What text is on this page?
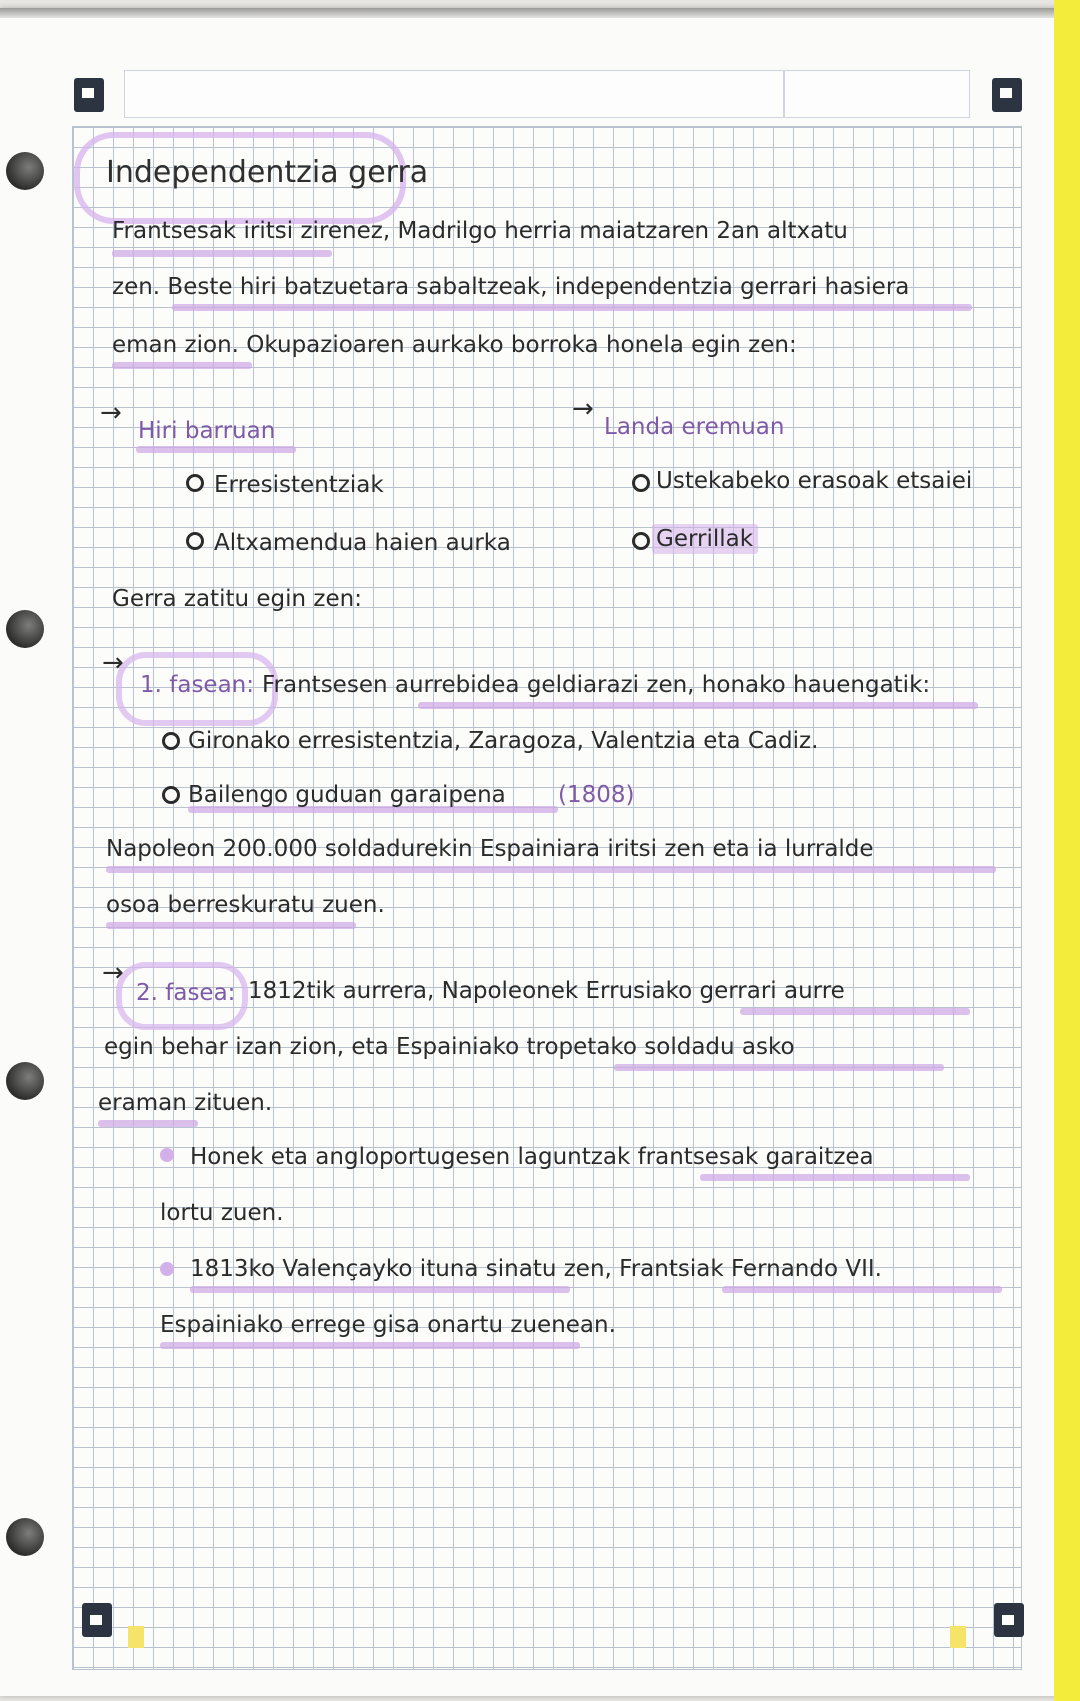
Independentzia gerra
Frantsesak iritsi zirenez, Madrilgo herria maiatzaren 2an altxatu
zen. Beste hiri batzuetara sabaltzeak, independentzia gerrari hasiera
eman zion. Okupazioaren aurkako borroka honela egin zen:
→
Hiri barruan
Erresistentziak
Altxamendua haien aurka
→
Landa eremuan
Ustekabeko erasoak etsaiei
Gerrillak
Gerra zatitu egin zen:
→
1. fasean: Frantsesen aurrebidea geldiarazi zen, honako hauengatik:
Gironako erresistentzia, Zaragoza, Valentzia eta Cadiz.
Bailengo guduan garaipena (1808)
Napoleon 200.000 soldadurekin Espainiara iritsi zen eta ia lurralde
osoa berreskuratu zuen.
→
2. fasea: 1812tik aurrera, Napoleonek Errusiako gerrari aurre
egin behar izan zion, eta Espainiako tropetako soldadu asko
eraman zituen.
Honek eta angloportugesen laguntzak frantsesak garaitzea
lortu zuen.
1813ko Valençayko ituna sinatu zen, Frantsiak Fernando VII.
Espainiako errege gisa onartu zuenean.
